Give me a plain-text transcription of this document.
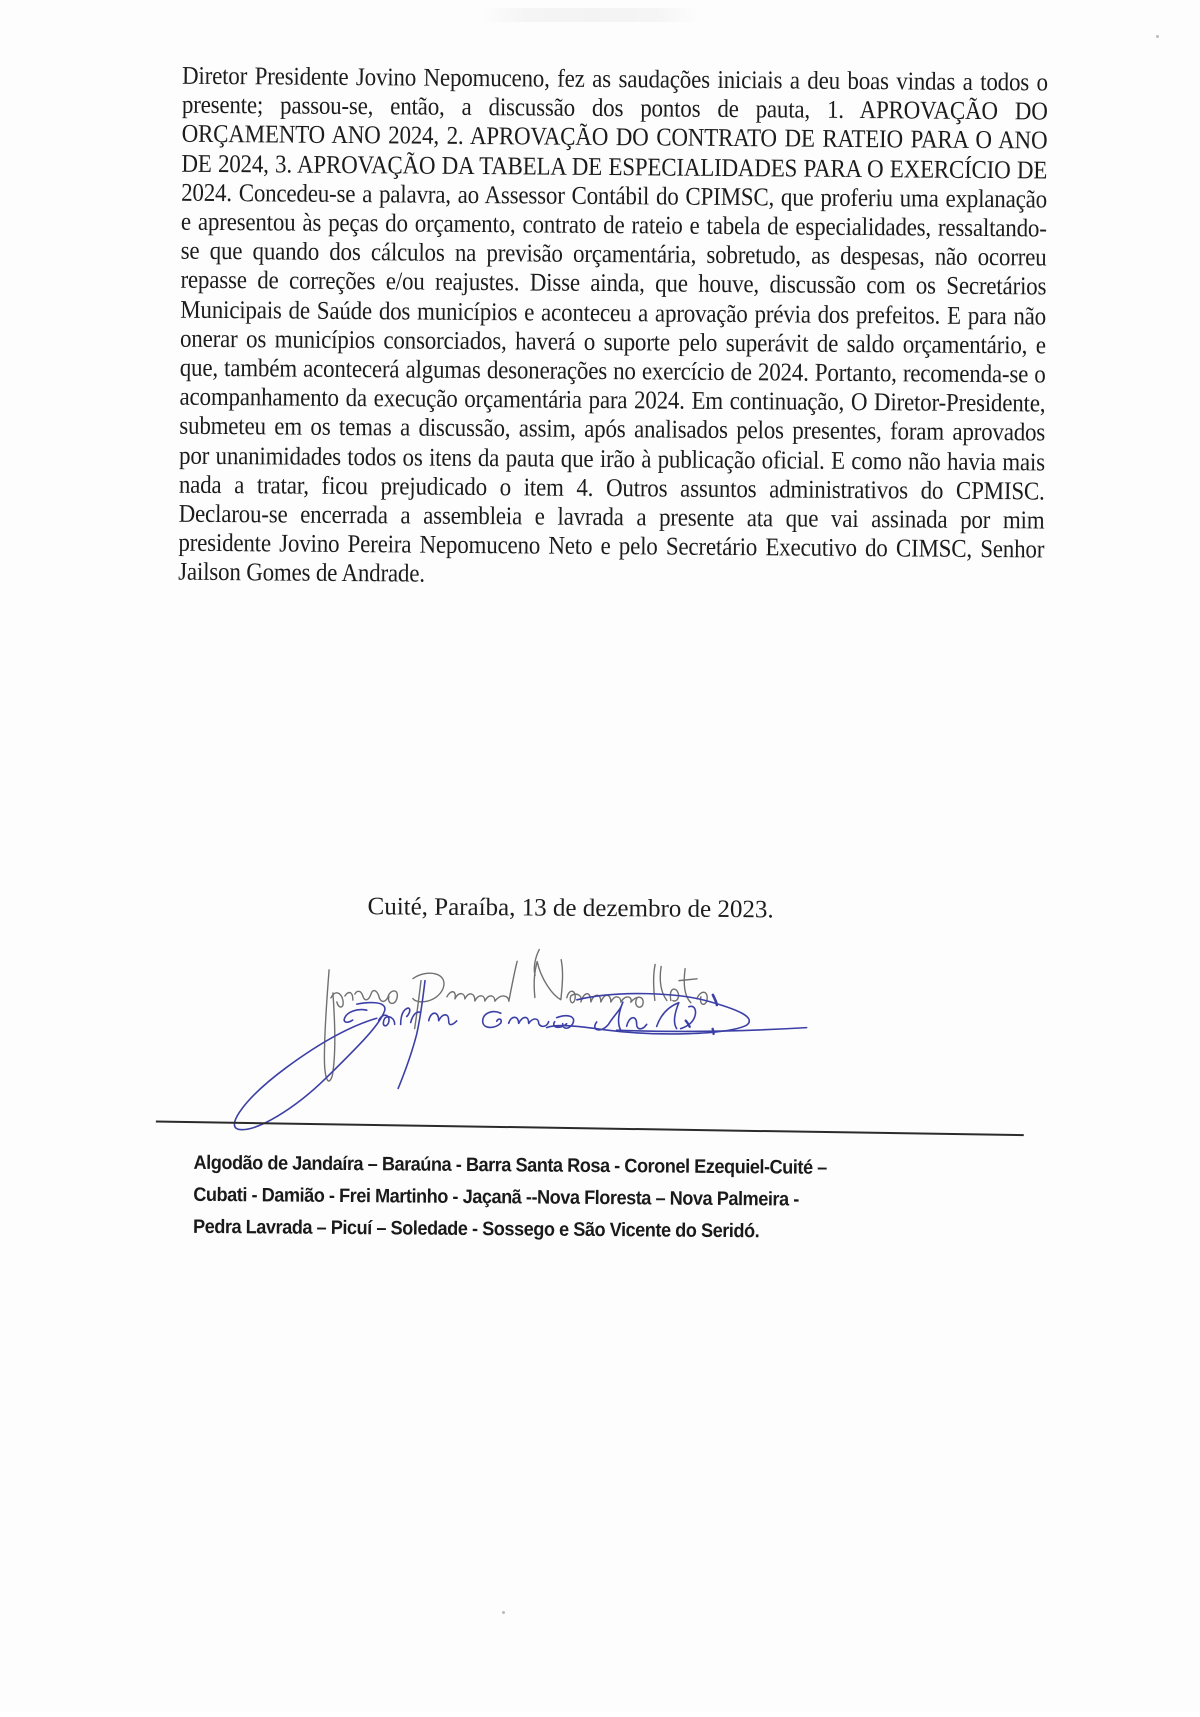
Diretor Presidente Jovino Nepomuceno, fez as saudações iniciais a deu boas vindas a todos o presente; passou-se, então, a discussão dos pontos de pauta, 1. APROVAÇÃO DO ORÇAMENTO ANO 2024, 2. APROVAÇÃO DO CONTRATO DE RATEIO PARA O ANO DE 2024, 3. APROVAÇÃO DA TABELA DE ESPECIALIDADES PARA O EXERCÍCIO DE 2024. Concedeu-se a palavra, ao Assessor Contábil do CPIMSC, que proferiu uma explanação e apresentou às peças do orçamento, contrato de rateio e tabela de especialidades, ressaltando-se que quando dos cálculos na previsão orçamentária, sobretudo, as despesas, não ocorreu repasse de correções e/ou reajustes. Disse ainda, que houve, discussão com os Secretários Municipais de Saúde dos municípios e aconteceu a aprovação prévia dos prefeitos. E para não onerar os municípios consorciados, haverá o suporte pelo superávit de saldo orçamentário, e que, também acontecerá algumas desonerações no exercício de 2024. Portanto, recomenda-se o acompanhamento da execução orçamentária para 2024. Em continuação, O Diretor-Presidente, submeteu em os temas a discussão, assim, após analisados pelos presentes, foram aprovados por unanimidades todos os itens da pauta que irão à publicação oficial. E como não havia mais nada a tratar, ficou prejudicado o item 4. Outros assuntos administrativos do CPMISC. Declarou-se encerrada a assembleia e lavrada a presente ata que vai assinada por mim presidente Jovino Pereira Nepomuceno Neto e pelo Secretário Executivo do CIMSC, Senhor Jailson Gomes de Andrade.

Cuité, Paraíba, 13 de dezembro de 2023.
Algodão de Jandaíra – Baraúna - Barra Santa Rosa - Coronel Ezequiel-Cuité –
Cubati - Damião - Frei Martinho - Jaçanã --Nova Floresta – Nova Palmeira -
Pedra Lavrada – Picuí – Soledade - Sossego e São Vicente do Seridó.
